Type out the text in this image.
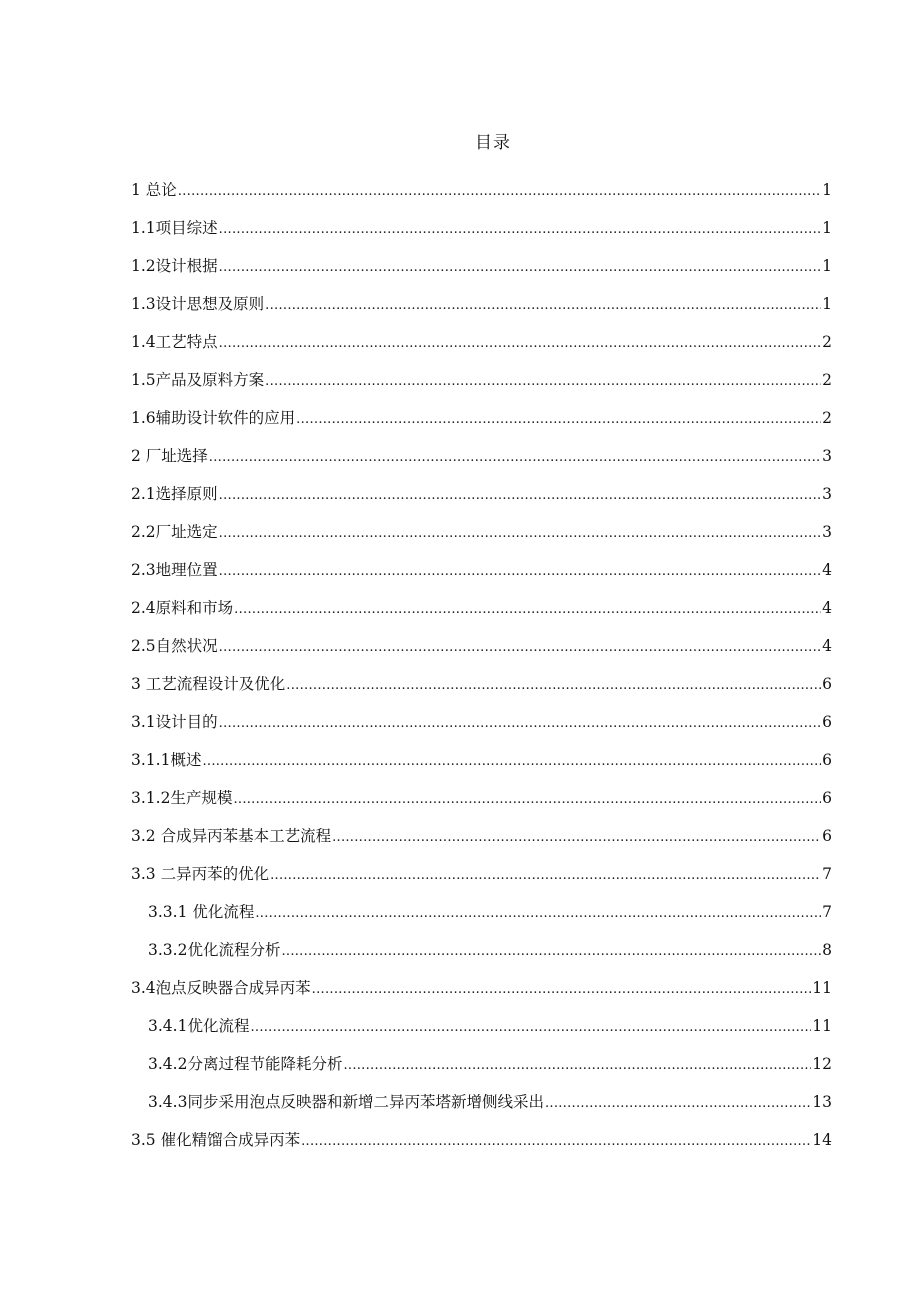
目录
1 总论 .....	1
1.1项目综述 .....	1
1.2设计根据 .....	1
1.3设计思想及原则 .....	1
1.4工艺特点 .....	2
1.5产品及原料方案 .....	2
1.6辅助设计软件的应用 .....	2
2 厂址选择 .....	3
2.1选择原则 .....	3
2.2厂址选定 .....	3
2.3地理位置 .....	4
2.4原料和市场 .....	4
2.5自然状况 .....	4
3 工艺流程设计及优化 .....	6
3.1设计目的 .....	6
3.1.1概述 .....	6
3.1.2生产规模 .....	6
3.2 合成异丙苯基本工艺流程 .....	6
3.3 二异丙苯的优化 .....	7
3.3.1 优化流程 .....	7
3.3.2优化流程分析 .....	8
3.4泡点反映器合成异丙苯 .....	11
3.4.1优化流程 .....	11
3.4.2分离过程节能降耗分析 .....	12
3.4.3同步采用泡点反映器和新增二异丙苯塔新增侧线采出 .....	13
3.5 催化精馏合成异丙苯 .....	14
